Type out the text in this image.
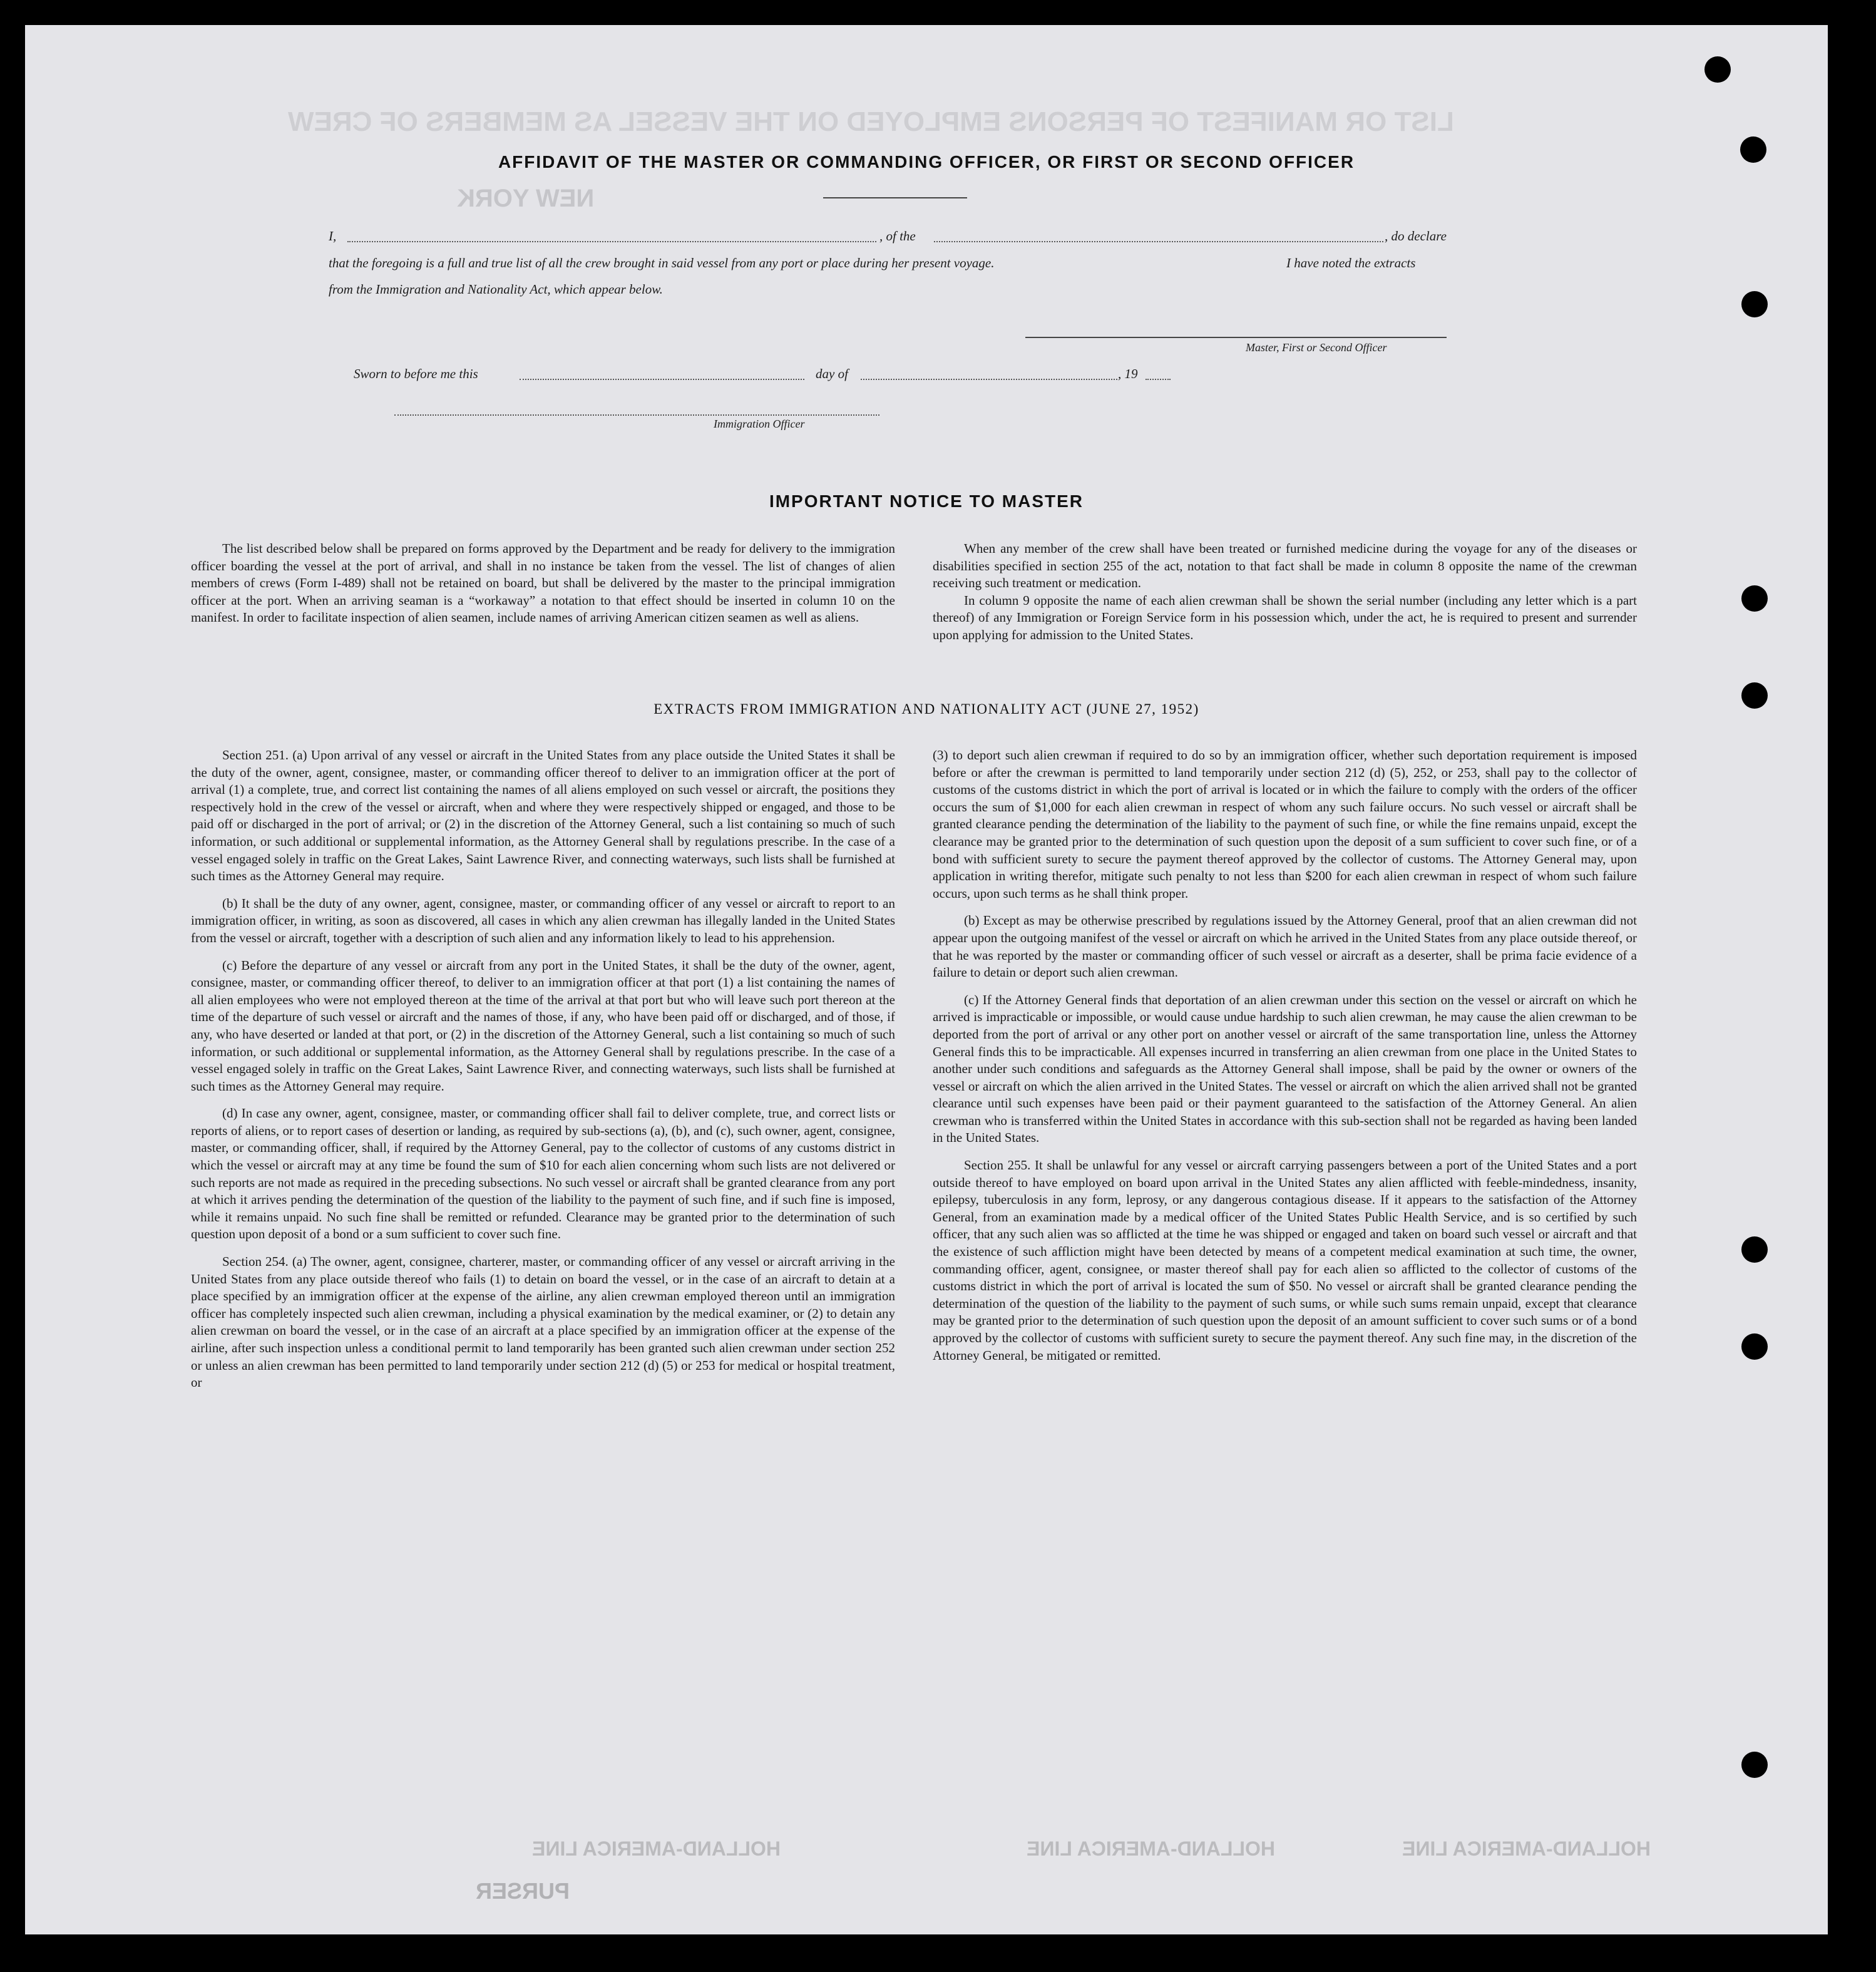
LIST OR MANIFEST OF PERSONS EMPLOYED ON THE VESSEL AS MEMBERS OF CREW
NEW YORK
AFFIDAVIT OF THE MASTER OR COMMANDING OFFICER, OR FIRST OR SECOND OFFICER
I,	, of the	, do declare
that the foregoing is a full and true list of all the crew brought in said vessel from any port or place during her present voyage.	I have noted the extracts
from the Immigration and Nationality Act, which appear below.
Master, First or Second Officer
Sworn to before me this	day of	, 19
Immigration Officer
IMPORTANT NOTICE TO MASTER

The list described below shall be prepared on forms approved by the Department and be ready for delivery to the immigration officer boarding the vessel at the port of arrival, and shall in no instance be taken from the vessel. The list of changes of alien members of crews (Form I-489) shall not be retained on board, but shall be delivered by the master to the principal immigration officer at the port. When an arriving seaman is a “workaway” a notation to that effect should be inserted in column 10 on the manifest. In order to facilitate inspection of alien seamen, include names of arriving American citizen seamen as well as aliens.

When any member of the crew shall have been treated or furnished medicine during the voyage for any of the diseases or disabilities specified in section 255 of the act, notation to that fact shall be made in column 8 opposite the name of the crewman receiving such treatment or medication.

In column 9 opposite the name of each alien crewman shall be shown the serial number (including any letter which is a part thereof) of any Immigration or Foreign Service form in his possession which, under the act, he is required to present and surrender upon applying for admission to the United States.

EXTRACTS FROM IMMIGRATION AND NATIONALITY ACT (JUNE 27, 1952)

Section 251. (a) Upon arrival of any vessel or aircraft in the United States from any place outside the United States it shall be the duty of the owner, agent, consignee, master, or commanding officer thereof to deliver to an immigration officer at the port of arrival (1) a complete, true, and correct list containing the names of all aliens employed on such vessel or aircraft, the positions they respectively hold in the crew of the vessel or aircraft, when and where they were respectively shipped or engaged, and those to be paid off or discharged in the port of arrival; or (2) in the discretion of the Attorney General, such a list containing so much of such information, or such additional or supplemental information, as the Attorney General shall by regulations prescribe. In the case of a vessel engaged solely in traffic on the Great Lakes, Saint Lawrence River, and connecting waterways, such lists shall be furnished at such times as the Attorney General may require.

(b) It shall be the duty of any owner, agent, consignee, master, or commanding officer of any vessel or aircraft to report to an immigration officer, in writing, as soon as discovered, all cases in which any alien crewman has illegally landed in the United States from the vessel or aircraft, together with a description of such alien and any information likely to lead to his apprehension.

(c) Before the departure of any vessel or aircraft from any port in the United States, it shall be the duty of the owner, agent, consignee, master, or commanding officer thereof, to deliver to an immigration officer at that port (1) a list containing the names of all alien employees who were not employed thereon at the time of the arrival at that port but who will leave such port thereon at the time of the departure of such vessel or aircraft and the names of those, if any, who have been paid off or discharged, and of those, if any, who have deserted or landed at that port, or (2) in the discretion of the Attorney General, such a list containing so much of such information, or such additional or supplemental information, as the Attorney General shall by regulations prescribe. In the case of a vessel engaged solely in traffic on the Great Lakes, Saint Lawrence River, and connecting waterways, such lists shall be furnished at such times as the Attorney General may require.

(d) In case any owner, agent, consignee, master, or commanding officer shall fail to deliver complete, true, and correct lists or reports of aliens, or to report cases of desertion or landing, as required by sub-sections (a), (b), and (c), such owner, agent, consignee, master, or commanding officer, shall, if required by the Attorney General, pay to the collector of customs of any customs district in which the vessel or aircraft may at any time be found the sum of $10 for each alien concerning whom such lists are not delivered or such reports are not made as required in the preceding subsections. No such vessel or aircraft shall be granted clearance from any port at which it arrives pending the determination of the question of the liability to the payment of such fine, and if such fine is imposed, while it remains unpaid. No such fine shall be remitted or refunded. Clearance may be granted prior to the determination of such question upon deposit of a bond or a sum sufficient to cover such fine.

Section 254. (a) The owner, agent, consignee, charterer, master, or commanding officer of any vessel or aircraft arriving in the United States from any place outside thereof who fails (1) to detain on board the vessel, or in the case of an aircraft to detain at a place specified by an immigration officer at the expense of the airline, any alien crewman employed thereon until an immigration officer has completely inspected such alien crewman, including a physical examination by the medical examiner, or (2) to detain any alien crewman on board the vessel, or in the case of an aircraft at a place specified by an immigration officer at the expense of the airline, after such inspection unless a conditional permit to land temporarily has been granted such alien crewman under section 252 or unless an alien crewman has been permitted to land temporarily under section 212 (d) (5) or 253 for medical or hospital treatment, or

(3) to deport such alien crewman if required to do so by an immigration officer, whether such deportation requirement is imposed before or after the crewman is permitted to land temporarily under section 212 (d) (5), 252, or 253, shall pay to the collector of customs of the customs district in which the port of arrival is located or in which the failure to comply with the orders of the officer occurs the sum of $1,000 for each alien crewman in respect of whom any such failure occurs. No such vessel or aircraft shall be granted clearance pending the determination of the liability to the payment of such fine, or while the fine remains unpaid, except the clearance may be granted prior to the determination of such question upon the deposit of a sum sufficient to cover such fine, or of a bond with sufficient surety to secure the payment thereof approved by the collector of customs. The Attorney General may, upon application in writing therefor, mitigate such penalty to not less than $200 for each alien crewman in respect of whom such failure occurs, upon such terms as he shall think proper.

(b) Except as may be otherwise prescribed by regulations issued by the Attorney General, proof that an alien crewman did not appear upon the outgoing manifest of the vessel or aircraft on which he arrived in the United States from any place outside thereof, or that he was reported by the master or commanding officer of such vessel or aircraft as a deserter, shall be prima facie evidence of a failure to detain or deport such alien crewman.

(c) If the Attorney General finds that deportation of an alien crewman under this section on the vessel or aircraft on which he arrived is impracticable or impossible, or would cause undue hardship to such alien crewman, he may cause the alien crewman to be deported from the port of arrival or any other port on another vessel or aircraft of the same transportation line, unless the Attorney General finds this to be impracticable. All expenses incurred in transferring an alien crewman from one place in the United States to another under such conditions and safeguards as the Attorney General shall impose, shall be paid by the owner or owners of the vessel or aircraft on which the alien arrived in the United States. The vessel or aircraft on which the alien arrived shall not be granted clearance until such expenses have been paid or their payment guaranteed to the satisfaction of the Attorney General. An alien crewman who is transferred within the United States in accordance with this sub-section shall not be regarded as having been landed in the United States.

Section 255. It shall be unlawful for any vessel or aircraft carrying passengers between a port of the United States and a port outside thereof to have employed on board upon arrival in the United States any alien afflicted with feeble-mindedness, insanity, epilepsy, tuberculosis in any form, leprosy, or any dangerous contagious disease. If it appears to the satisfaction of the Attorney General, from an examination made by a medical officer of the United States Public Health Service, and is so certified by such officer, that any such alien was so afflicted at the time he was shipped or engaged and taken on board such vessel or aircraft and that the existence of such affliction might have been detected by means of a competent medical examination at such time, the owner, commanding officer, agent, consignee, or master thereof shall pay for each alien so afflicted to the collector of customs of the customs district in which the port of arrival is located the sum of $50. No vessel or aircraft shall be granted clearance pending the determination of the question of the liability to the payment of such sums, or while such sums remain unpaid, except that clearance may be granted prior to the determination of such question upon the deposit of an amount sufficient to cover such sums or of a bond approved by the collector of customs with sufficient surety to secure the payment thereof. Any such fine may, in the discretion of the Attorney General, be mitigated or remitted.

HOLLAND-AMERICA LINE	HOLLAND-AMERICA LINE	HOLLAND-AMERICA LINE
PURSER
